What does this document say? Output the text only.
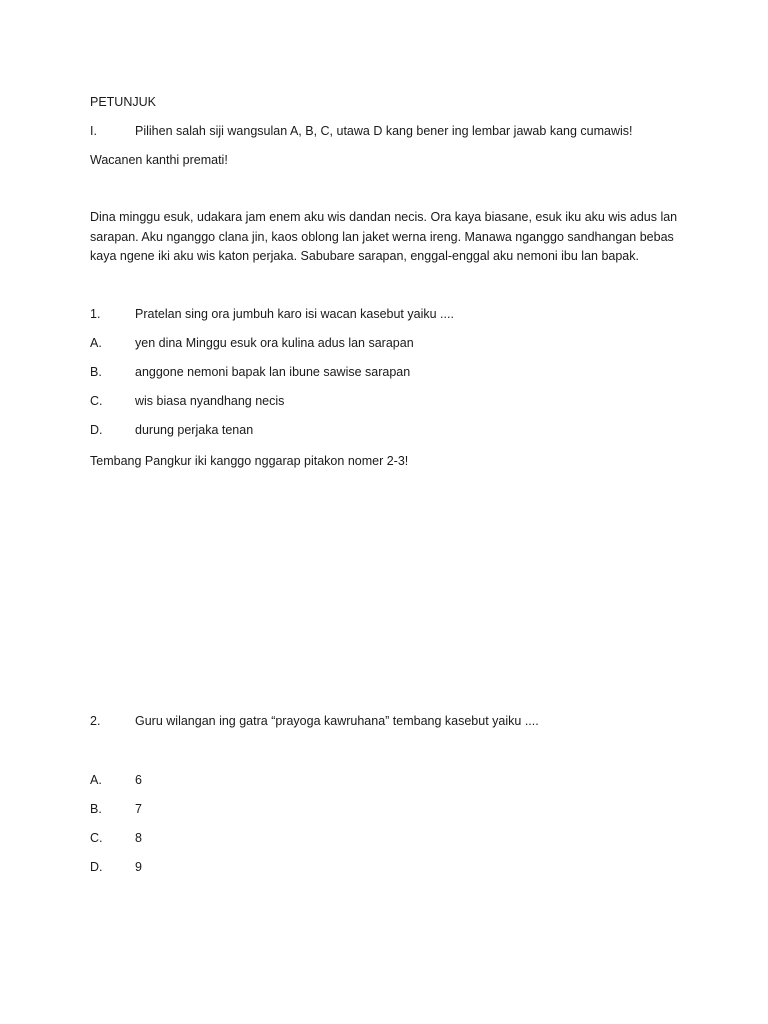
PETUNJUK
I.	Pilihen salah siji wangsulan A, B, C, utawa D kang bener ing lembar jawab kang cumawis!
Wacanen kanthi premati!
Dina minggu esuk, udakara jam enem aku wis dandan necis. Ora kaya biasane, esuk iku aku wis adus lan
sarapan. Aku nganggo clana jin, kaos oblong lan jaket werna ireng. Manawa nganggo sandhangan bebas
kaya ngene iki aku wis katon perjaka. Sabubare sarapan, enggal-enggal aku nemoni ibu lan bapak.
1.	Pratelan sing ora jumbuh karo isi wacan kasebut yaiku ....
A.	yen dina Minggu esuk ora kulina adus lan sarapan
B.	anggone nemoni bapak lan ibune sawise sarapan
C.	wis biasa nyandhang necis
D.	durung perjaka tenan
Tembang Pangkur iki kanggo nggarap pitakon nomer 2-3!
2.	Guru wilangan ing gatra “prayoga kawruhana” tembang kasebut yaiku ....
A.	6
B.	7
C.	8
D.	9
